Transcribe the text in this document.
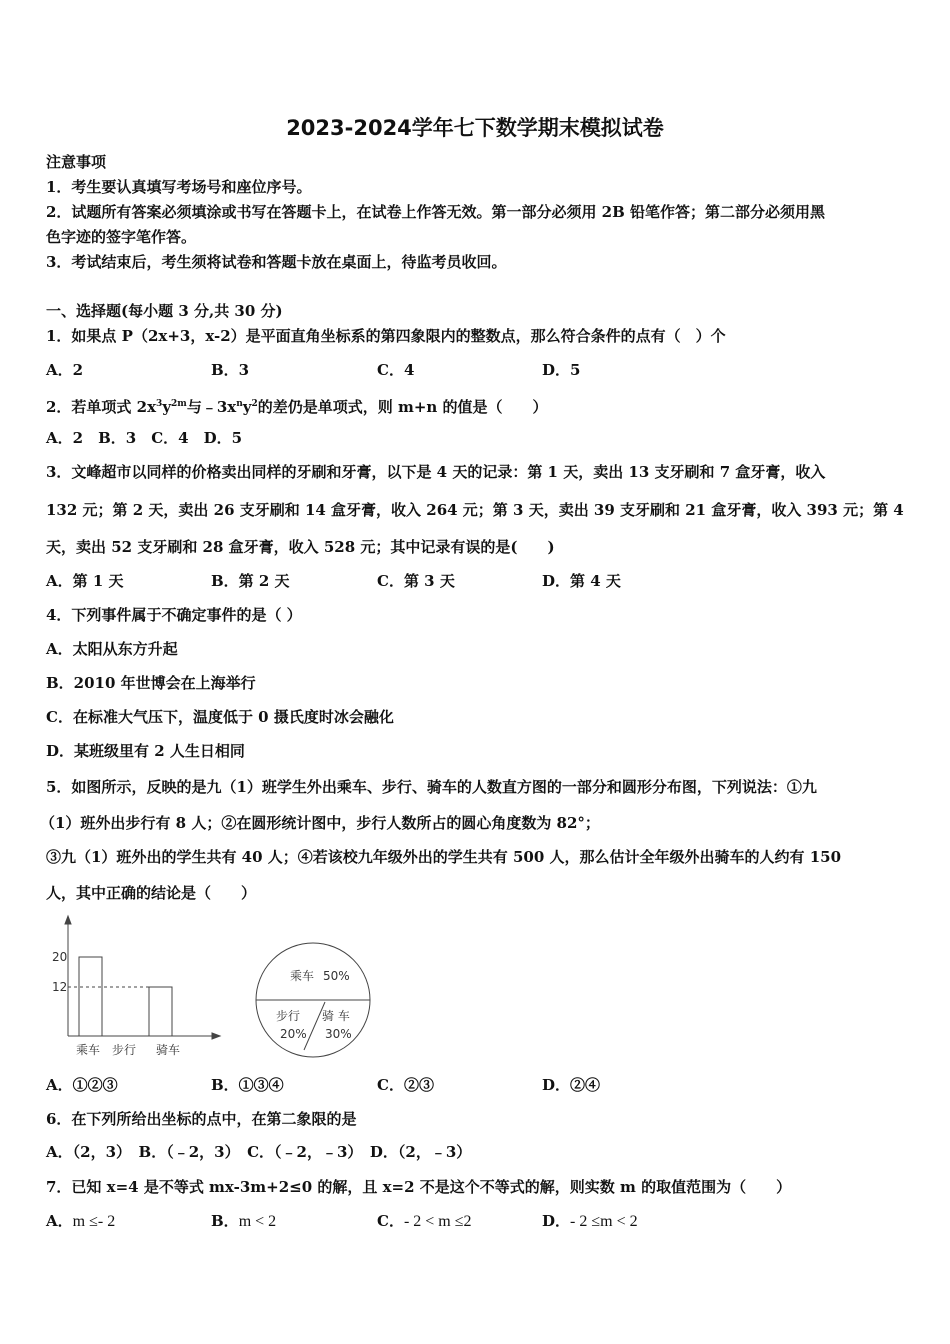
2023-2024学年七下数学期末模拟试卷
注意事项
1．考生要认真填写考场号和座位序号。
2．试题所有答案必须填涂或书写在答题卡上，在试卷上作答无效。第一部分必须用 2B 铅笔作答；第二部分必须用黑
色字迹的签字笔作答。
3．考试结束后，考生须将试卷和答题卡放在桌面上，待监考员收回。
一、选择题(每小题 3 分,共 30 分)
1．如果点 P（2x+3，x-2）是平面直角坐标系的第四象限内的整数点，那么符合条件的点有（　）个
A．2	B．3	C．4	D．5
2．若单项式 $2x^3y^{2m}$与$﹣3x^ny^2$的差仍是单项式，则 m+n 的值是（　　）
A．2　B．3　C．4　D．5
3．文峰超市以同样的价格卖出同样的牙刷和牙膏，以下是 4 天的记录：第 1 天，卖出 13 支牙刷和 7 盒牙膏，收入
132 元；第 2 天，卖出 26 支牙刷和 14 盒牙膏，收入 264 元；第 3 天，卖出 39 支牙刷和 21 盒牙膏，收入 393 元；第 4
天，卖出 52 支牙刷和 28 盒牙膏，收入 528 元；其中记录有误的是(　　)
A．第 1 天	B．第 2 天	C．第 3 天	D．第 4 天
4．下列事件属于不确定事件的是（ ）
A．太阳从东方升起
B．2010 年世博会在上海举行
C．在标准大气压下，温度低于 0 摄氏度时冰会融化
D．某班级里有 2 人生日相同
5．如图所示，反映的是九（1）班学生外出乘车、步行、骑车的人数直方图的一部分和圆形分布图，下列说法：①九
（1）班外出步行有 8 人；②在圆形统计图中，步行人数所占的圆心角度数为 82°；
③九（1）班外出的学生共有 40 人；④若该校九年级外出的学生共有 500 人，那么估计全年级外出骑车的人约有 150
人，其中正确的结论是（　　）
20
12
乘车 步行 骑车
乘车 50%
步行
20%
骑 车
30%
A．①②③	B．①③④	C．②③	D．②④
6．在下列所给出坐标的点中，在第二象限的是
A．（2，3）　B．（﹣2，3）　C．（﹣2，﹣3）　D．（2，﹣3）
7．已知 x=4 是不等式 mx-3m+2≤0 的解，且 x=2 不是这个不等式的解，则实数 m 的取值范围为（　　）
A．m ≤- 2	B．m < 2	C．- 2 < m ≤2	D．- 2 ≤m < 2
